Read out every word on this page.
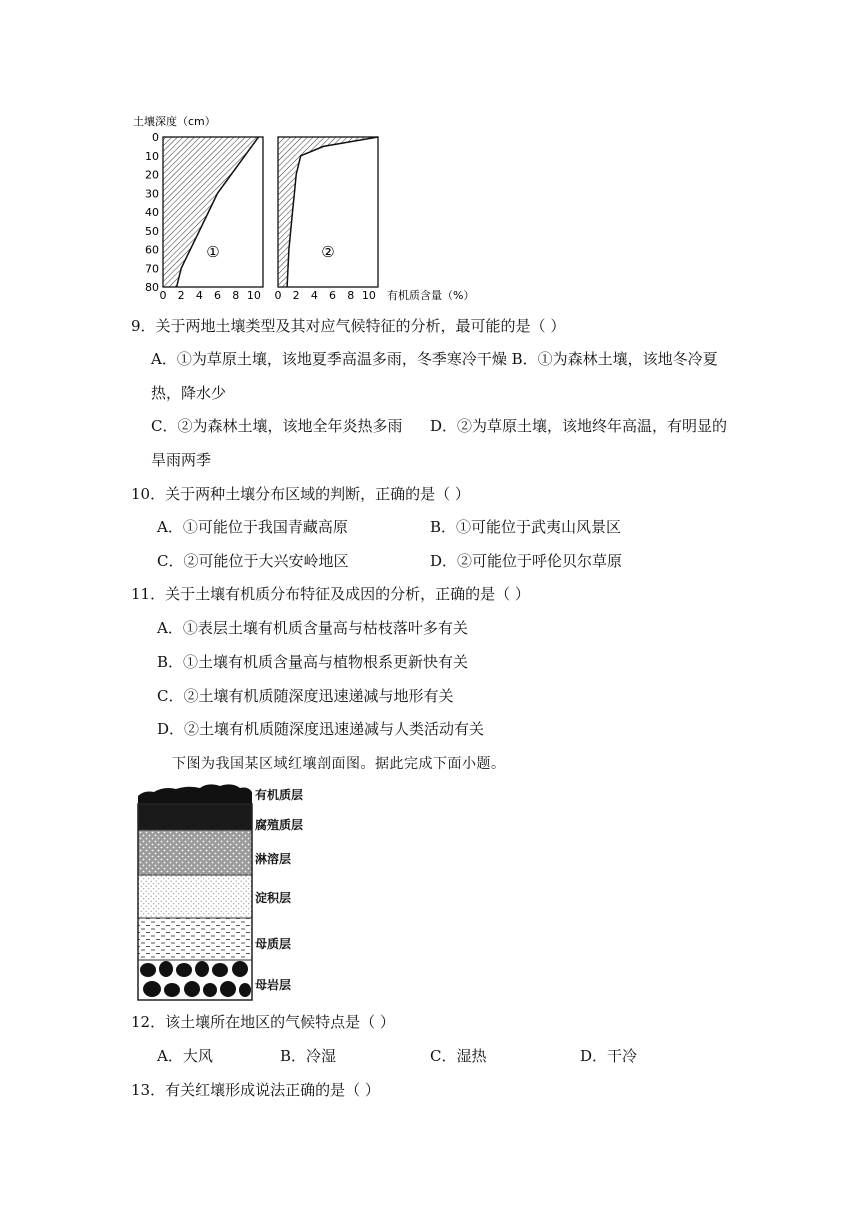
土壤深度（cm）
0 2 4 6 8 10
①
0
10
20
30
40
50
60
70
80
0 2 4 6 8 10
②
有机质含量（%）
9．关于两地土壤类型及其对应气候特征的分析，最可能的是（ ）
A．①为草原土壤，该地夏季高温多雨，冬季寒冷干燥 B．①为森林土壤，该地冬冷夏
热，降水少
C．②为森林土壤，该地全年炎热多雨 D．②为草原土壤，该地终年高温，有明显的
旱雨两季
10．关于两种土壤分布区域的判断，正确的是（ ）
A．①可能位于我国青藏高原	B．①可能位于武夷山风景区
C．②可能位于大兴安岭地区	D．②可能位于呼伦贝尔草原
11．关于土壤有机质分布特征及成因的分析，正确的是（ ）
A．①表层土壤有机质含量高与枯枝落叶多有关
B．①土壤有机质含量高与植物根系更新快有关
C．②土壤有机质随深度迅速递减与地形有关
D．②土壤有机质随深度迅速递减与人类活动有关
下图为我国某区域红壤剖面图。据此完成下面小题。
有机质层
腐殖质层
淋溶层
淀积层
母质层
母岩层
12．该土壤所在地区的气候特点是（ ）
A．大风	B．冷湿	C．湿热	D．干冷
13．有关红壤形成说法正确的是（ ）
